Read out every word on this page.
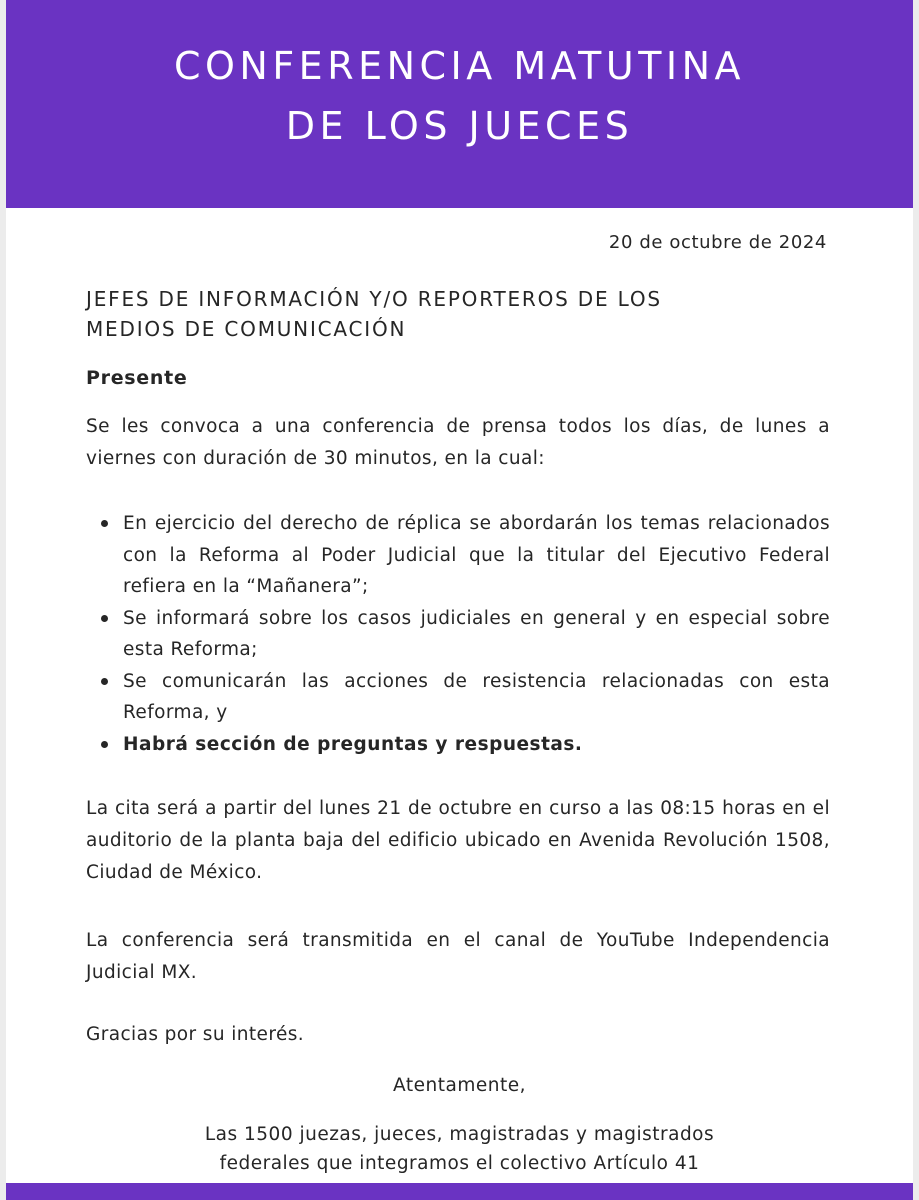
CONFERENCIA MATUTINA
DE LOS JUECES
20 de octubre de 2024
JEFES DE INFORMACIÓN Y/O REPORTEROS DE LOS
MEDIOS DE COMUNICACIÓN
Presente

Se les convoca a una conferencia de prensa todos los días, de lunes a viernes con duración de 30 minutos, en la cual:

En ejercicio del derecho de réplica se abordarán los temas relacionados con la Reforma al Poder Judicial que la titular del Ejecutivo Federal refiera en la “Mañanera”;
Se informará sobre los casos judiciales en general y en especial sobre esta Reforma;
Se comunicarán las acciones de resistencia relacionadas con esta Reforma, y
Habrá sección de preguntas y respuestas.

La cita será a partir del lunes 21 de octubre en curso a las 08:15 horas en el auditorio de la planta baja del edificio ubicado en Avenida Revolución 1508, Ciudad de México.

La conferencia será transmitida en el canal de YouTube Independencia Judicial MX.

Gracias por su interés.

Atentamente,
Las 1500 juezas, jueces, magistradas y magistrados
federales que integramos el colectivo Artículo 41
